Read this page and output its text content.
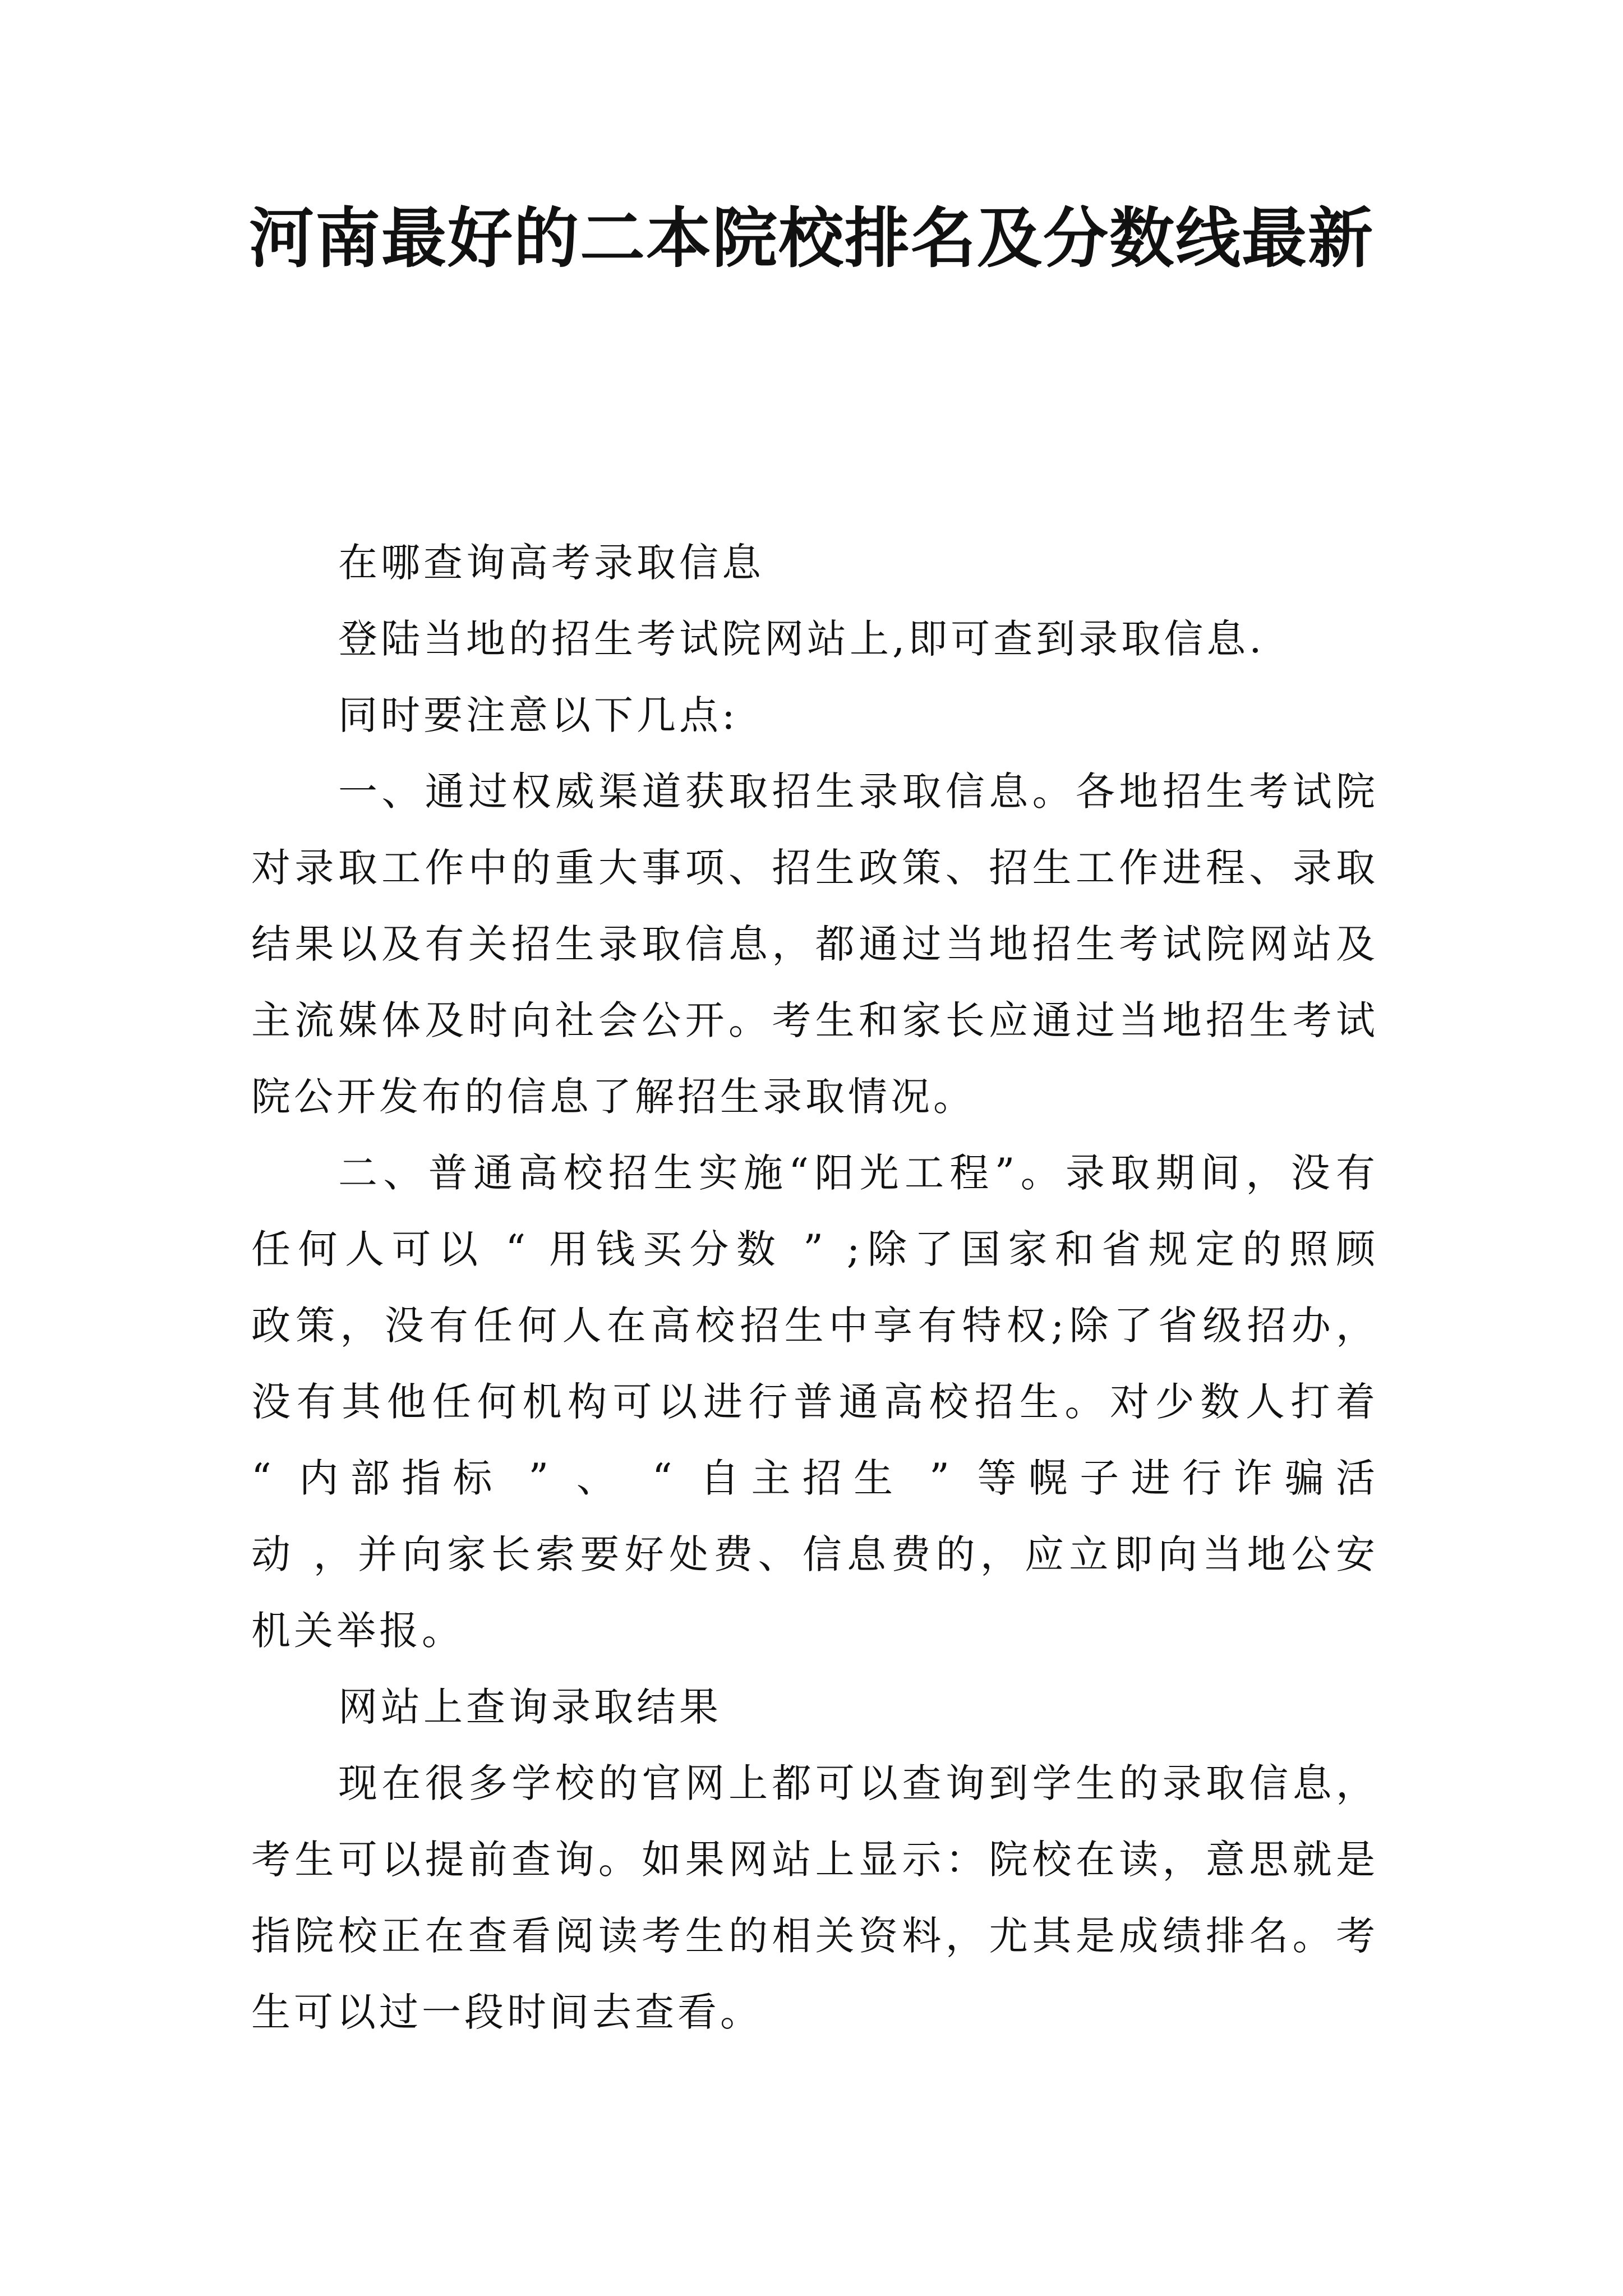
河南最好的二本院校排名及分数线最新
在哪查询高考录取信息
登陆当地的招生考试院网站上,即可查到录取信息.
同时要注意以下几点:
一、通过权威渠道获取招生录取信息。各地招生考试院
对录取工作中的重大事项、招生政策、招生工作进程、录取
结果以及有关招生录取信息，都通过当地招生考试院网站及
主流媒体及时向社会公开。考生和家长应通过当地招生考试
院公开发布的信息了解招生录取情况。
二、普通高校招生实施“阳光工程”。录取期间，没有
任何人可以 “ 用钱买分数 ” ;除了国家和省规定的照顾
政策，没有任何人在高校招生中享有特权;除了省级招办，
没有其他任何机构可以进行普通高校招生。对少数人打着
“ 内部指标 ” 、 “ 自主招生 ” 等幌子进行诈骗活
动 ，并向家长索要好处费、信息费的，应立即向当地公安
机关举报。
网站上查询录取结果
现在很多学校的官网上都可以查询到学生的录取信息，
考生可以提前查询。如果网站上显示：院校在读，意思就是
指院校正在查看阅读考生的相关资料，尤其是成绩排名。考
生可以过一段时间去查看。
